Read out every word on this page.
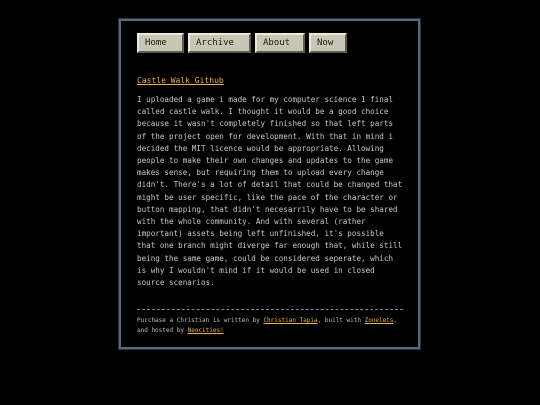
Home	Archive	About	Now
Castle Walk Github
I uploaded a game i made for my computer science 1 final
called castle walk. I thought it would be a good choice
because it wasn't completely finished so that left parts
of the project open for development. With that in mind i
decided the MIT licence would be appropriate. Allowing
people to make their own changes and updates to the game
makes sense, but requiring them to upload every change
didn't. There's a lot of detail that could be changed that
might be user specific, like the pace of the character or
button mapping, that didn't necesarrily have to be shared
with the whole community. And with several (rather
important) assets being left unfinished, it's possible
that one branch might diverge far enough that, while still
being the same game, could be considered seperate, which
is why I wouldn't mind if it would be used in closed
source scenarios.
Purchase a Christian is written by Christian Tapia, built with Zonelets,
and hosted by Neocities!
